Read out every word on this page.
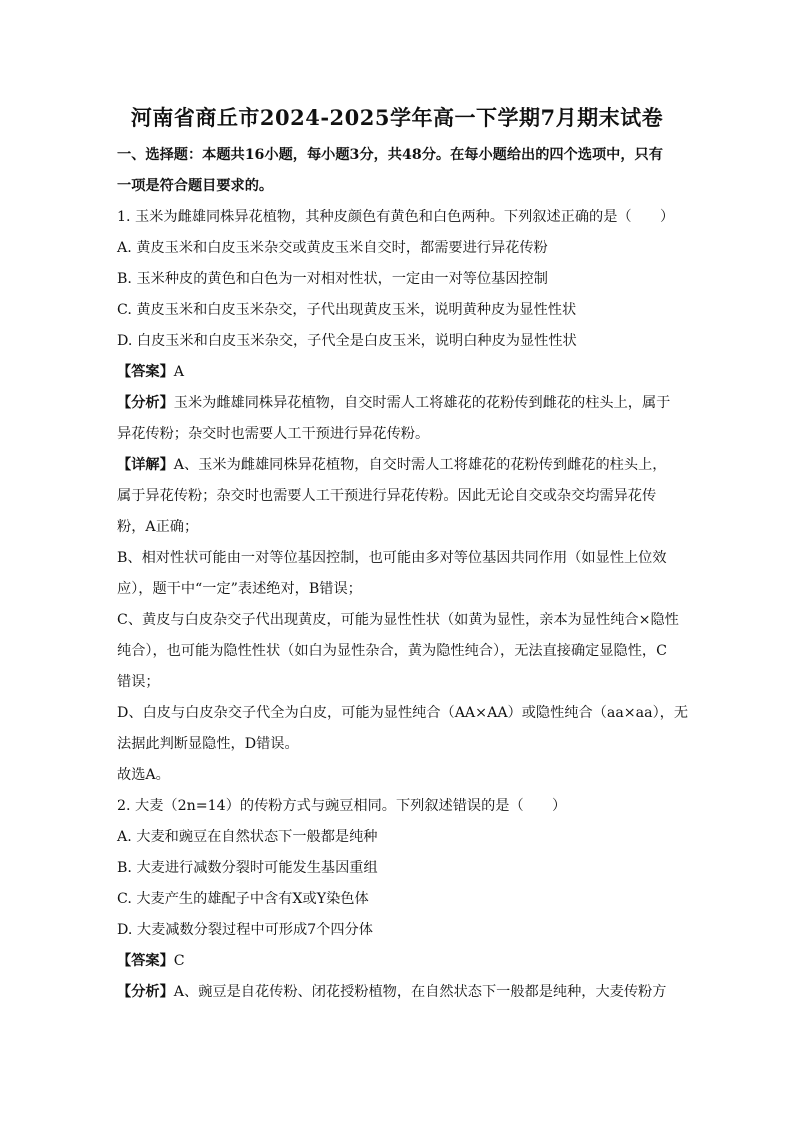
河南省商丘市2024-2025学年高一下学期7月期末试卷
一、选择题：本题共16小题，每小题3分，共48分。在每小题给出的四个选项中，只有
一项是符合题目要求的。
1. 玉米为雌雄同株异花植物，其种皮颜色有黄色和白色两种。下列叙述正确的是（　　）
A. 黄皮玉米和白皮玉米杂交或黄皮玉米自交时，都需要进行异花传粉
B. 玉米种皮的黄色和白色为一对相对性状，一定由一对等位基因控制
C. 黄皮玉米和白皮玉米杂交，子代出现黄皮玉米，说明黄种皮为显性性状
D. 白皮玉米和白皮玉米杂交，子代全是白皮玉米，说明白种皮为显性性状
【答案】A
【分析】玉米为雌雄同株异花植物，自交时需人工将雄花的花粉传到雌花的柱头上，属于
异花传粉；杂交时也需要人工干预进行异花传粉。
【详解】A、玉米为雌雄同株异花植物，自交时需人工将雄花的花粉传到雌花的柱头上，
属于异花传粉；杂交时也需要人工干预进行异花传粉。因此无论自交或杂交均需异花传
粉，A正确；
B、相对性状可能由一对等位基因控制，也可能由多对等位基因共同作用（如显性上位效
应），题干中“一定”表述绝对，B错误；
C、黄皮与白皮杂交子代出现黄皮，可能为显性性状（如黄为显性，亲本为显性纯合×隐性
纯合），也可能为隐性性状（如白为显性杂合，黄为隐性纯合），无法直接确定显隐性，C
错误；
D、白皮与白皮杂交子代全为白皮，可能为显性纯合（AA×AA）或隐性纯合（aa×aa），无
法据此判断显隐性，D错误。
故选A。
2. 大麦（2n=14）的传粉方式与豌豆相同。下列叙述错误的是（　　）
A. 大麦和豌豆在自然状态下一般都是纯种
B. 大麦进行减数分裂时可能发生基因重组
C. 大麦产生的雄配子中含有X或Y染色体
D. 大麦减数分裂过程中可形成7个四分体
【答案】C
【分析】A、豌豆是自花传粉、闭花授粉植物，在自然状态下一般都是纯种，大麦传粉方
